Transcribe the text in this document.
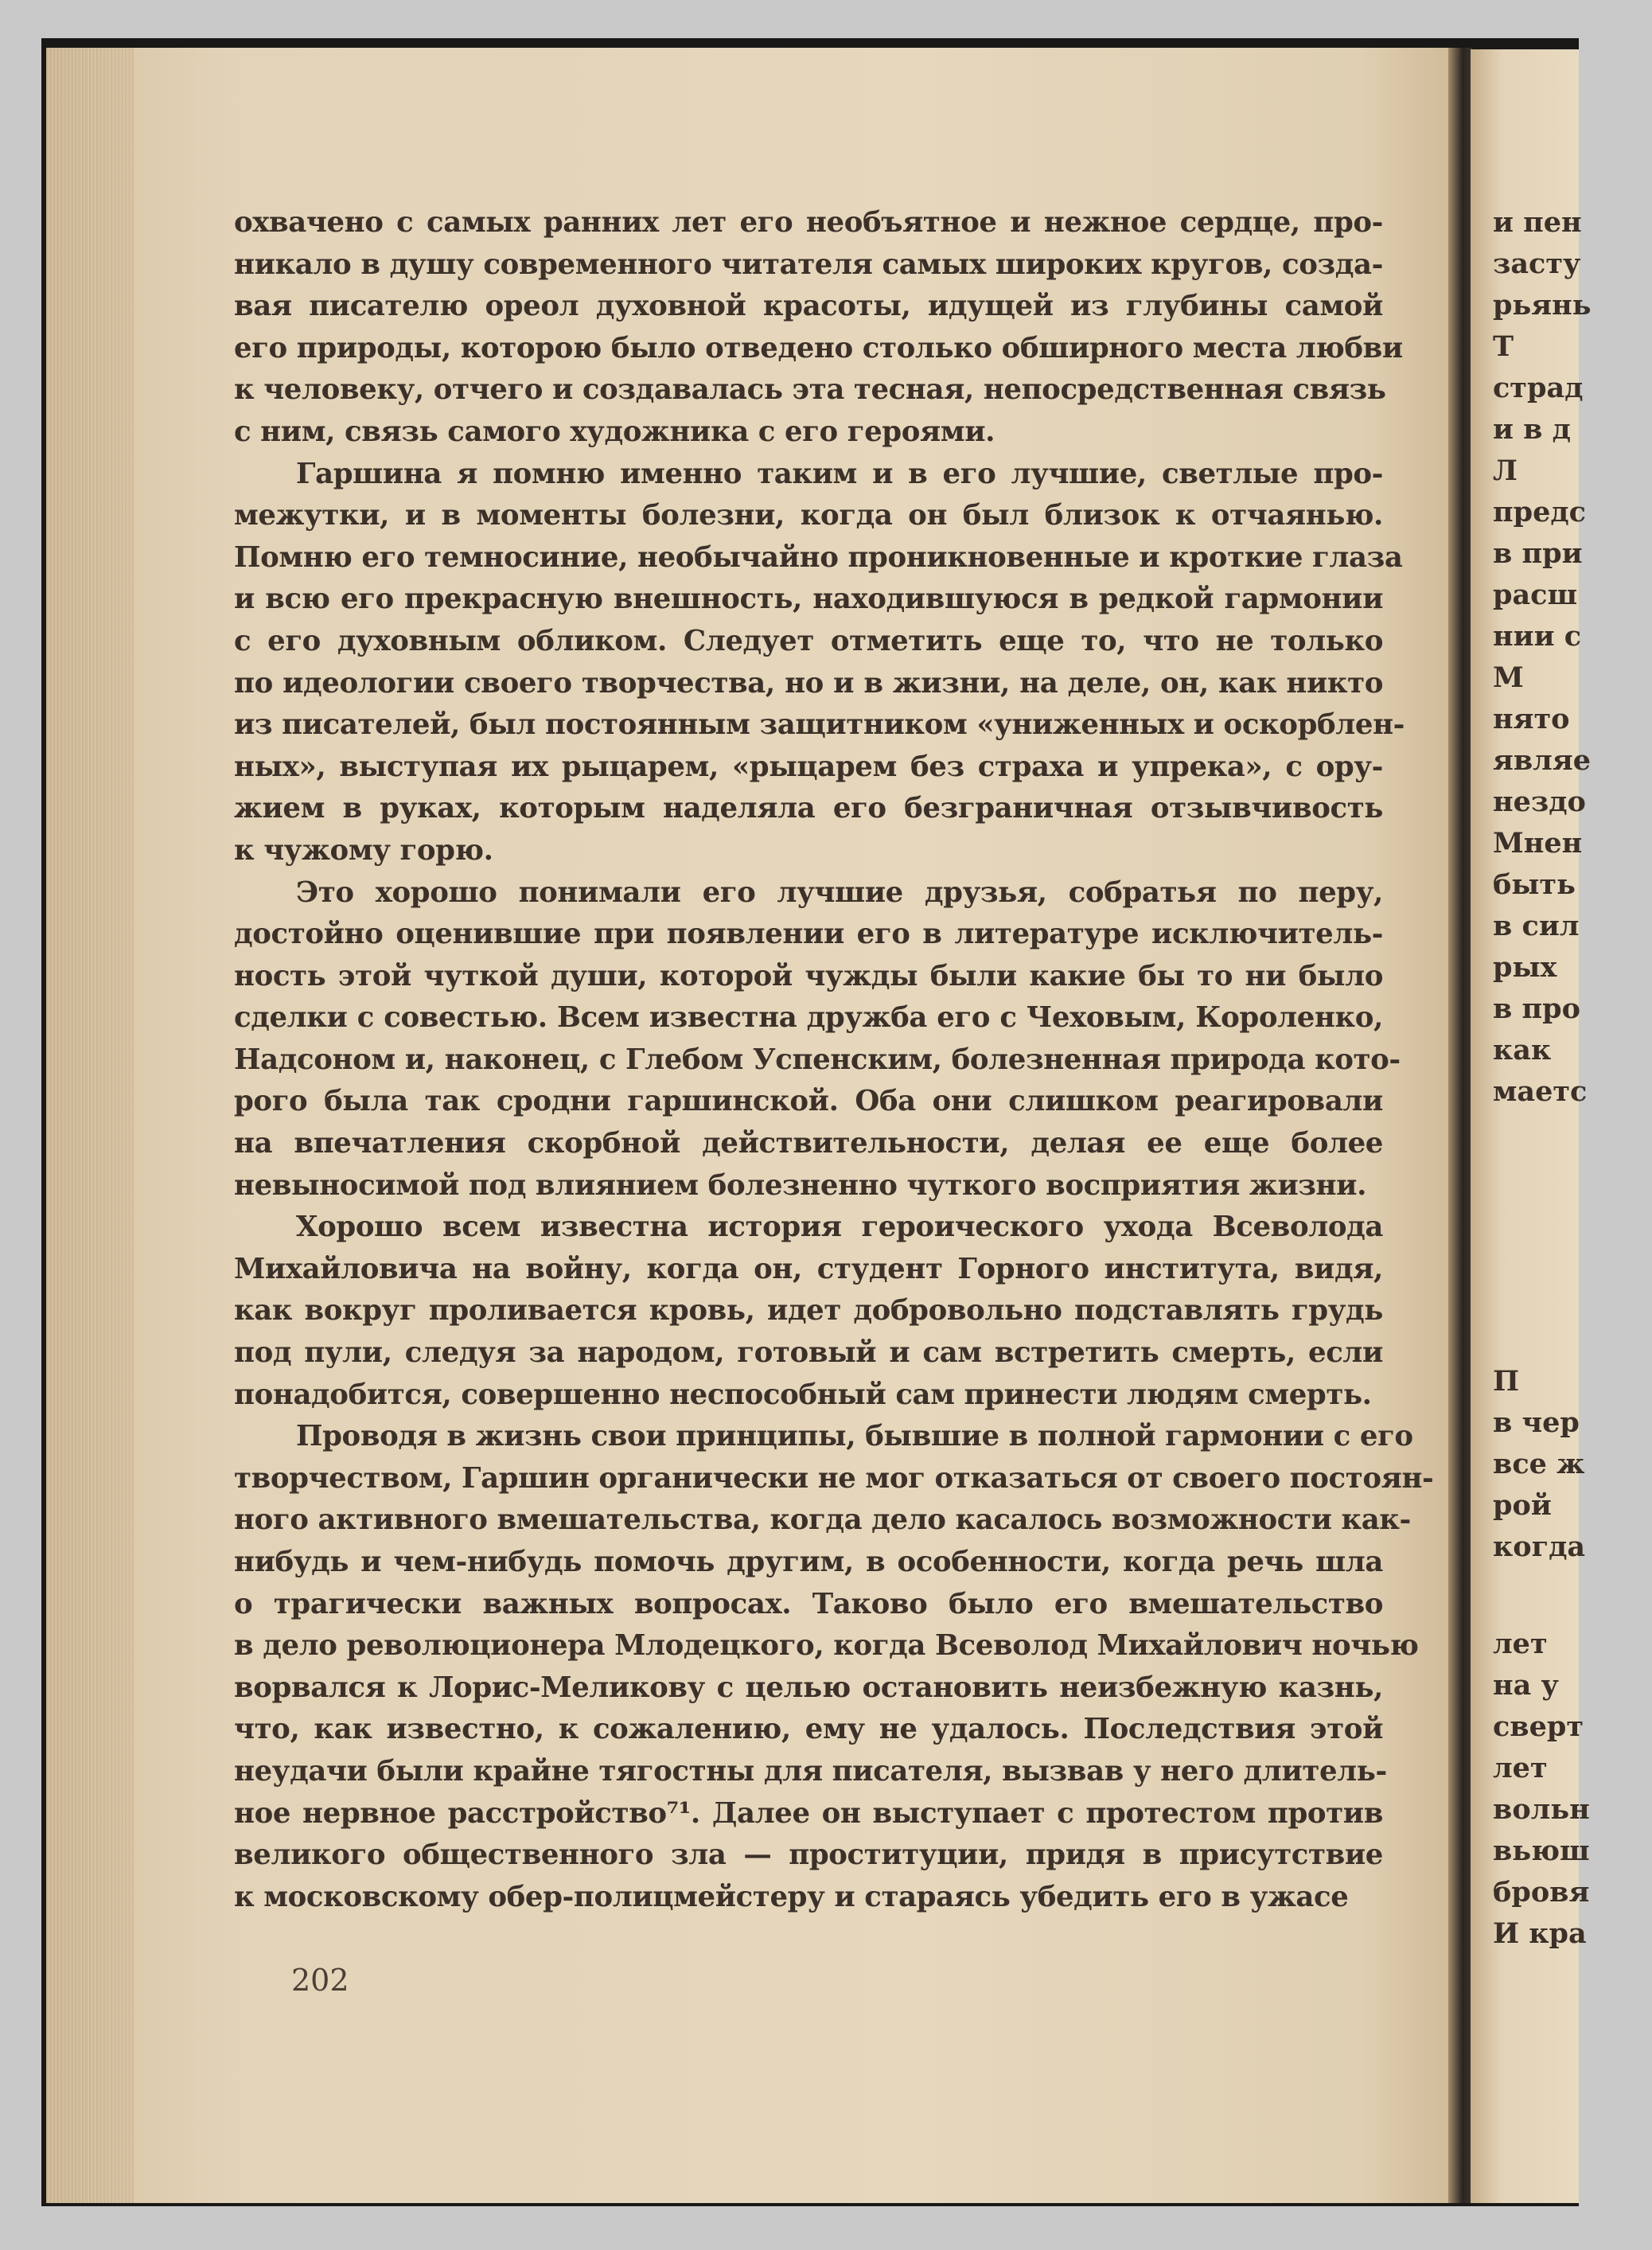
и пен
засту
рьянь
Т
страд
и в д
Л
предс
в при
расш
нии с
М
нято
являе
нездо
Мнен
быть
в сил
рых
в про
как
маетс
П
в чер
все ж
рой
когда
лет
на у
сверт
лет
вольн
вьюш
бровя
И кра

охвачено с самых ранних лет его необъятное и нежное сердце, про-
никало в душу современного читателя самых широких кругов, созда-
вая писателю ореол духовной красоты, идущей из глубины самой
его природы, которою было отведено столько обширного места любви
к человеку, отчего и создавалась эта тесная, непосредственная связь
с ним, связь самого художника с его героями.

Гаршина я помню именно таким и в его лучшие, светлые про-
межутки, и в моменты болезни, когда он был близок к отчаянью.
Помню его темносиние, необычайно проникновенные и кроткие глаза
и всю его прекрасную внешность, находившуюся в редкой гармонии
с его духовным обликом. Следует отметить еще то, что не только
по идеологии своего творчества, но и в жизни, на деле, он, как никто
из писателей, был постоянным защитником «униженных и оскорблен-
ных», выступая их рыцарем, «рыцарем без страха и упрека», с ору-
жием в руках, которым наделяла его безграничная отзывчивость
к чужому горю.

Это хорошо понимали его лучшие друзья, собратья по перу,
достойно оценившие при появлении его в литературе исключитель-
ность этой чуткой души, которой чужды были какие бы то ни было
сделки с совестью. Всем известна дружба его с Чеховым, Короленко,
Надсоном и, наконец, с Глебом Успенским, болезненная природа кото-
рого была так сродни гаршинской. Оба они слишком реагировали
на впечатления скорбной действительности, делая ее еще более
невыносимой под влиянием болезненно чуткого восприятия жизни.

Хорошо всем известна история героического ухода Всеволода
Михайловича на войну, когда он, студент Горного института, видя,
как вокруг проливается кровь, идет добровольно подставлять грудь
под пули, следуя за народом, готовый и сам встретить смерть, если
понадобится, совершенно неспособный сам принести людям смерть.

Проводя в жизнь свои принципы, бывшие в полной гармонии с его
творчеством, Гаршин органически не мог отказаться от своего постоян-
ного активного вмешательства, когда дело касалось возможности как-
нибудь и чем-нибудь помочь другим, в особенности, когда речь шла
о трагически важных вопросах. Таково было его вмешательство
в дело революционера Млодецкого, когда Всеволод Михайлович ночью
ворвался к Лорис-Меликову с целью остановить неизбежную казнь,
что, как известно, к сожалению, ему не удалось. Последствия этой
неудачи были крайне тягостны для писателя, вызвав у него длитель-
ное нервное расстройство⁷¹. Далее он выступает с протестом против
великого общественного зла — проституции, придя в присутствие
к московскому обер-полицмейстеру и стараясь убедить его в ужасе

202
